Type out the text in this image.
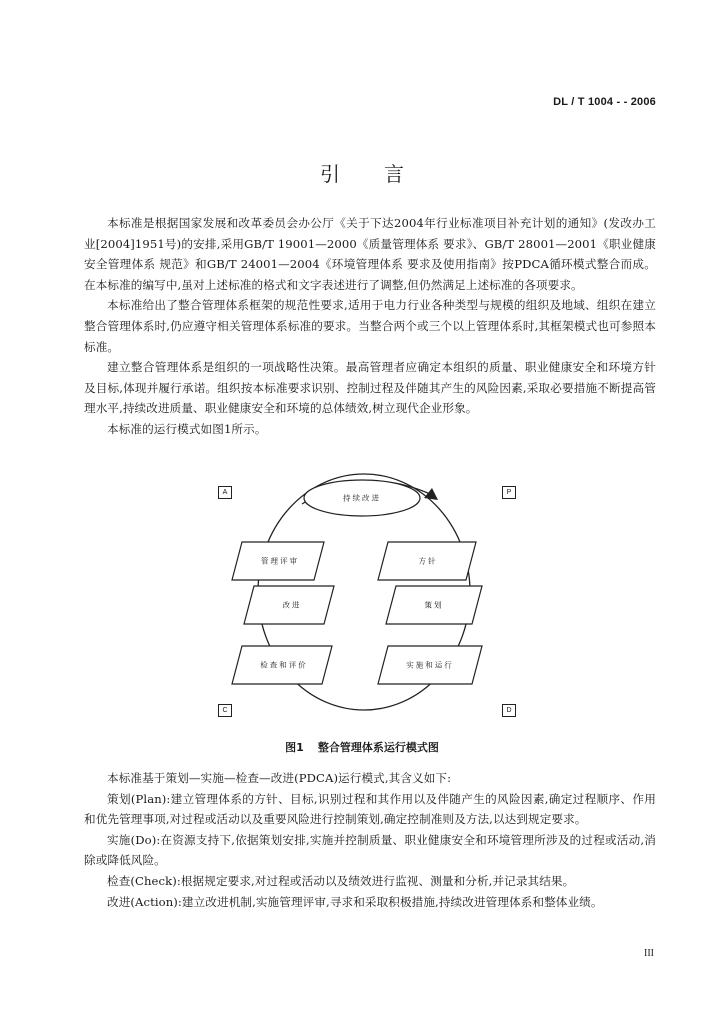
DL / T 1004 - - 2006
引言

本标准是根据国家发展和改革委员会办公厅《关于下达2004年行业标准项目补充计划的通知》(发改办工业[2004]1951号)的安排,采用GB/T 19001—2000《质量管理体系 要求》、GB/T 28001—2001《职业健康安全管理体系 规范》和GB/T 24001—2004《环境管理体系 要求及使用指南》按PDCA循环模式整合而成。在本标准的编写中,虽对上述标准的格式和文字表述进行了调整,但仍然满足上述标准的各项要求。

本标准给出了整合管理体系框架的规范性要求,适用于电力行业各种类型与规模的组织及地域、组织在建立整合管理体系时,仍应遵守相关管理体系标准的要求。当整合两个或三个以上管理体系时,其框架模式也可参照本标准。

建立整合管理体系是组织的一项战略性决策。最高管理者应确定本组织的质量、职业健康安全和环境方针及目标,体现并履行承诺。组织按本标准要求识别、控制过程及伴随其产生的风险因素,采取必要措施不断提高管理水平,持续改进质量、职业健康安全和环境的总体绩效,树立现代企业形象。

本标准的运行模式如图1所示。

A	P
C	D
持续改进
管理评审
改进
检查和评价
方针
策划
实施和运行
图1 整合管理体系运行模式图

本标准基于策划—实施—检查—改进(PDCA)运行模式,其含义如下:

策划(Plan):建立管理体系的方针、目标,识别过程和其作用以及伴随产生的风险因素,确定过程顺序、作用和优先管理事项,对过程或活动以及重要风险进行控制策划,确定控制准则及方法,以达到规定要求。

实施(Do):在资源支持下,依据策划安排,实施并控制质量、职业健康安全和环境管理所涉及的过程或活动,消除或降低风险。

检查(Check):根据规定要求,对过程或活动以及绩效进行监视、测量和分析,并记录其结果。

改进(Action):建立改进机制,实施管理评审,寻求和采取积极措施,持续改进管理体系和整体业绩。

III
